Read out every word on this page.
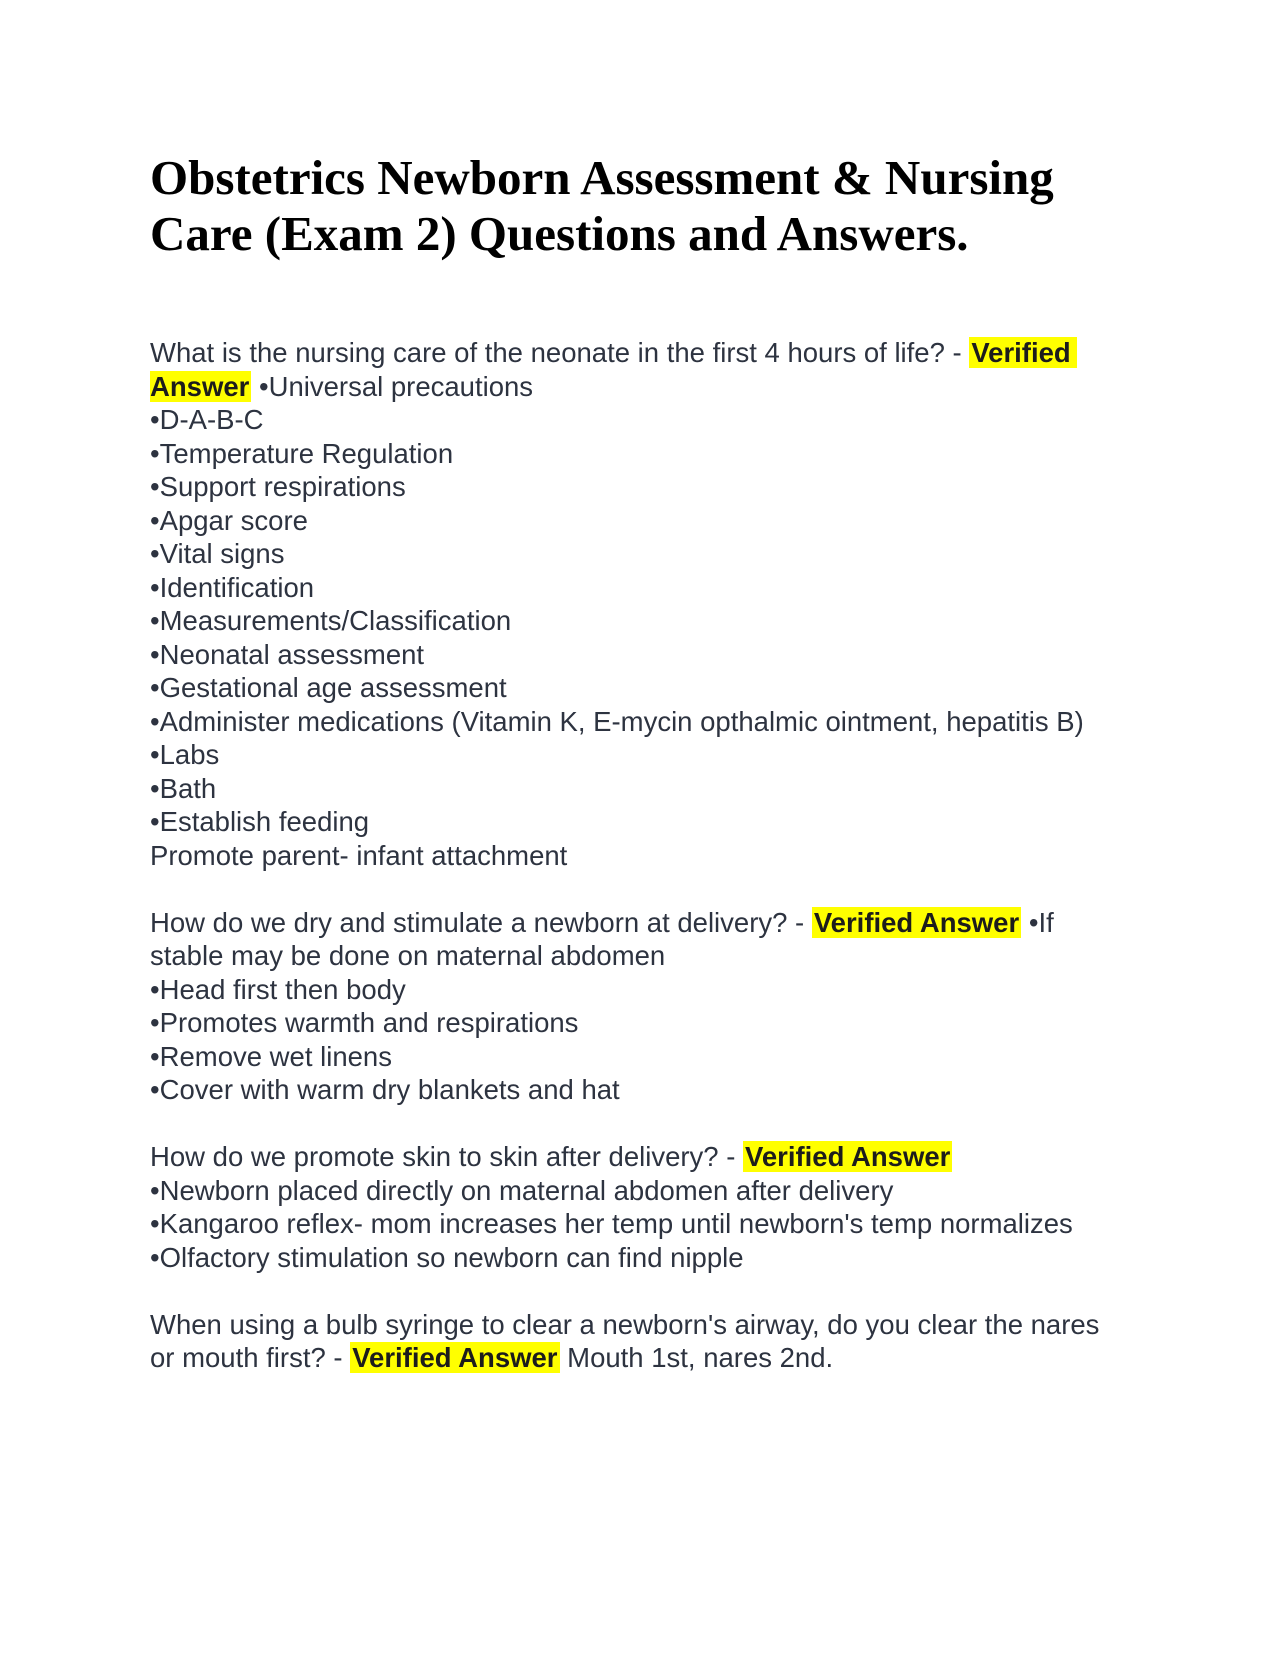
Obstetrics Newborn Assessment & Nursing Care (Exam 2) Questions and Answers.
What is the nursing care of the neonate in the first 4 hours of life? - Verified Answer •Universal precautions
•D-A-B-C
•Temperature Regulation
•Support respirations
•Apgar score
•Vital signs
•Identification
•Measurements/Classification
•Neonatal assessment
•Gestational age assessment
•Administer medications (Vitamin K, E-mycin opthalmic ointment, hepatitis B)
•Labs
•Bath
•Establish feeding
Promote parent- infant attachment
How do we dry and stimulate a newborn at delivery? - Verified Answer •If stable may be done on maternal abdomen
•Head first then body
•Promotes warmth and respirations
•Remove wet linens
•Cover with warm dry blankets and hat
How do we promote skin to skin after delivery? - Verified Answer
•Newborn placed directly on maternal abdomen after delivery
•Kangaroo reflex- mom increases her temp until newborn's temp normalizes
•Olfactory stimulation so newborn can find nipple
When using a bulb syringe to clear a newborn's airway, do you clear the nares or mouth first? - Verified Answer Mouth 1st, nares 2nd.
